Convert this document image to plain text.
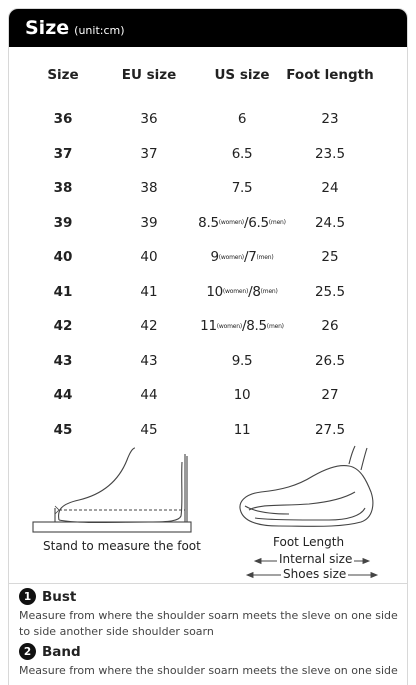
Size (unit:cm)
Size	EU size	US size	Foot length
36	36	6	23
37	37	6.5	23.5
38	38	7.5	24
39	39	8.5 (women) / 6.5 (men)	24.5
40	40	9 (women) / 7 (men)	25
41	41	10 (women) / 8 (men)	25.5
42	42	11 (women) / 8.5 (men)	26
43	43	9.5	26.5
44	44	10	27
45	45	11	27.5
Stand to measure the foot	Foot Length
Internal size
Shoes size
1 Bust
Measure from where the shoulder soarn meets the sleve on one side to side another side shoulder soarn
2 Band
Measure from where the shoulder soarn meets the sleve on one side
